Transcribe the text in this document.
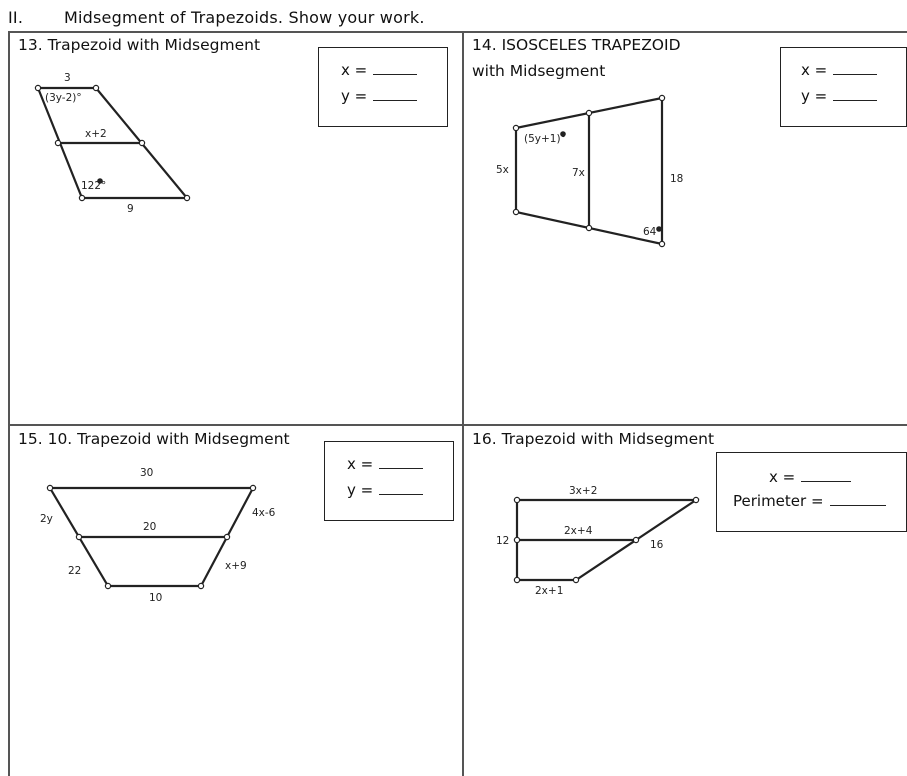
II.	Midsegment of Trapezoids. Show your work.
13. Trapezoid with Midsegment
x =
y =
3
(3y-2)°
x+2
122°
9
14. ISOSCELES TRAPEZOID
with Midsegment	x =
y =
(5y+1)°
5x	7x	18
64°
15. 10. Trapezoid with Midsegment
x =
y =
30
2y	4x-6
20
22	x+9
10
16. Trapezoid with Midsegment
x =
Perimeter =
3x+2
2x+4
12	16
2x+1
